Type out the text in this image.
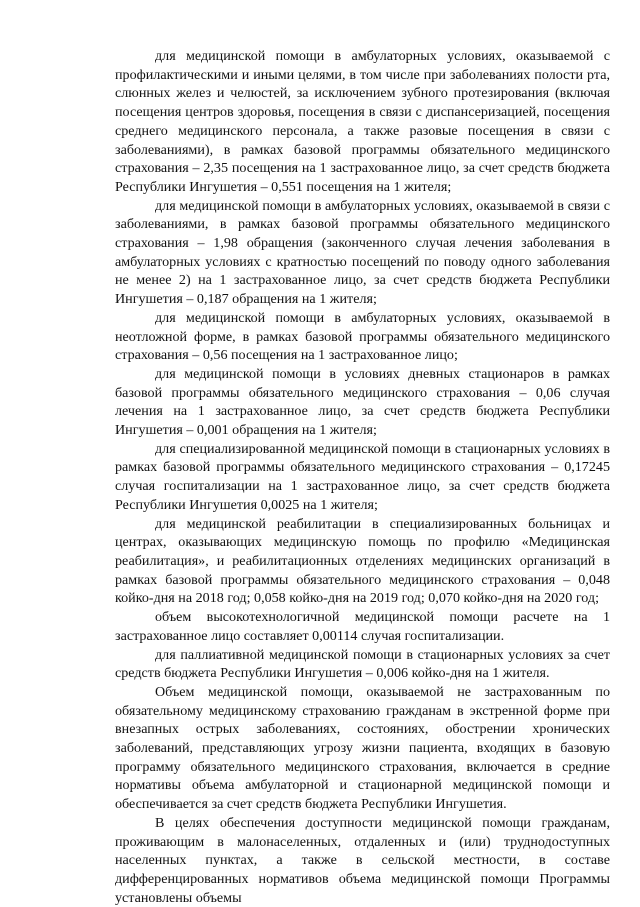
для медицинской помощи в амбулаторных условиях, оказываемой с профилактическими и иными целями, в том числе при заболеваниях полости рта, слюнных желез и челюстей, за исключением зубного протезирования (включая посещения центров здоровья, посещения в связи с диспансеризацией, посещения среднего медицинского персонала, а также разовые посещения в связи с заболеваниями), в рамках базовой программы обязательного медицинского страхования – 2,35 посещения на 1 застрахованное лицо, за счет средств бюджета Республики Ингушетия – 0,551 посещения на 1 жителя;

для медицинской помощи в амбулаторных условиях, оказываемой в связи с заболеваниями, в рамках базовой программы обязательного медицинского страхования – 1,98 обращения (законченного случая лечения заболевания в амбулаторных условиях с кратностью посещений по поводу одного заболевания не менее 2) на 1 застрахованное лицо, за счет средств бюджета Республики Ингушетия – 0,187 обращения на 1 жителя;

для медицинской помощи в амбулаторных условиях, оказываемой в неотложной форме, в рамках базовой программы обязательного медицинского страхования – 0,56 посещения на 1 застрахованное лицо;

для медицинской помощи в условиях дневных стационаров в рамках базовой программы обязательного медицинского страхования – 0,06 случая лечения на 1 застрахованное лицо, за счет средств бюджета Республики Ингушетия – 0,001 обращения на 1 жителя;

для специализированной медицинской помощи в стационарных условиях в рамках базовой программы обязательного медицинского страхования – 0,17245 случая госпитализации на 1 застрахованное лицо, за счет средств бюджета Республики Ингушетия 0,0025 на 1 жителя;

для медицинской реабилитации в специализированных больницах и центрах, оказывающих медицинскую помощь по профилю «Медицинская реабилитация», и реабилитационных отделениях медицинских организаций в рамках базовой программы обязательного медицинского страхования – 0,048 койко-дня на 2018 год; 0,058 койко-дня на 2019 год; 0,070 койко-дня на 2020 год;

объем высокотехнологичной медицинской помощи расчете на 1 застрахованное лицо составляет 0,00114 случая госпитализации.

для паллиативной медицинской помощи в стационарных условиях за счет средств бюджета Республики Ингушетия – 0,006 койко-дня на 1 жителя.

Объем медицинской помощи, оказываемой не застрахованным по обязательному медицинскому страхованию гражданам в экстренной форме при внезапных острых заболеваниях, состояниях, обострении хронических заболеваний, представляющих угрозу жизни пациента, входящих в базовую программу обязательного медицинского страхования, включается в средние нормативы объема амбулаторной и стационарной медицинской помощи и обеспечивается за счет средств бюджета Республики Ингушетия.

В целях обеспечения доступности медицинской помощи гражданам, проживающим в малонаселенных, отдаленных и (или) труднодоступных населенных пунктах, а также в сельской местности, в составе дифференцированных нормативов объема медицинской помощи Программы установлены объемы
